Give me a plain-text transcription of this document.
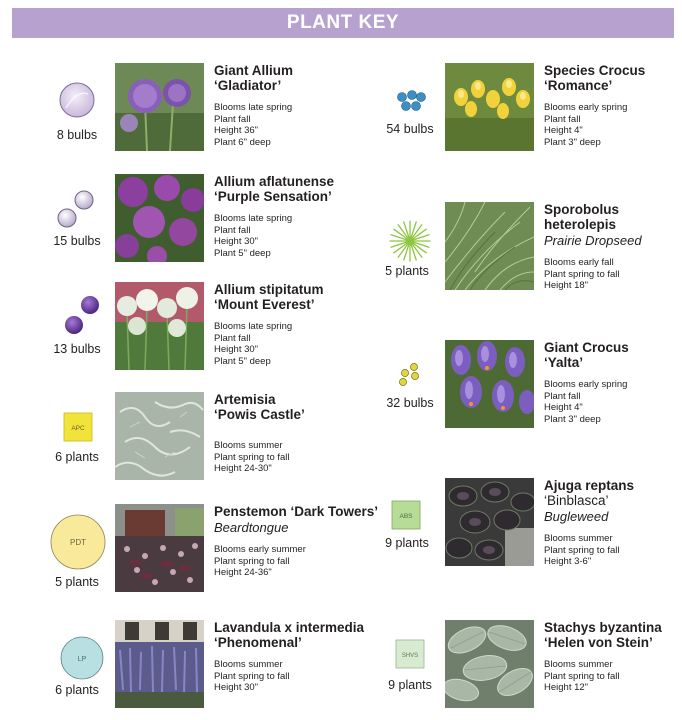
PLANT KEY
8 bulbs
Giant Allium
‘Gladiator’
Blooms late spring
Plant fall
Height 36"
Plant 6" deep
15 bulbs
Allium aflatunense
‘Purple Sensation’
Blooms late spring
Plant fall
Height 30"
Plant 5" deep
13 bulbs
Allium stipitatum
‘Mount Everest’
Blooms late spring
Plant fall
Height 30"
Plant 5" deep
APC
6 plants
Artemisia
‘Powis Castle’
Blooms summer
Plant spring to fall
Height 24-30"
PDT
5 plants
Penstemon ‘Dark Towers’
Beardtongue
Blooms early summer
Plant spring to fall
Height 24-36"
LP
6 plants
Lavandula x intermedia
‘Phenomenal’
Blooms summer
Plant spring to fall
Height 30"
54 bulbs
Species Crocus
‘Romance’
Blooms early spring
Plant fall
Height 4"
Plant 3" deep
5 plants
Sporobolus
heterolepis
Prairie Dropseed
Blooms early fall
Plant spring to fall
Height 18"
32 bulbs
Giant Crocus
‘Yalta’
Blooms early spring
Plant fall
Height 4"
Plant 3" deep
ABS
9 plants
Ajuga reptans
‘Binblasca’
Bugleweed
Blooms summer
Plant spring to fall
Height 3-6"
SHVS
9 plants
Stachys byzantina
‘Helen von Stein’
Blooms summer
Plant spring to fall
Height 12"
